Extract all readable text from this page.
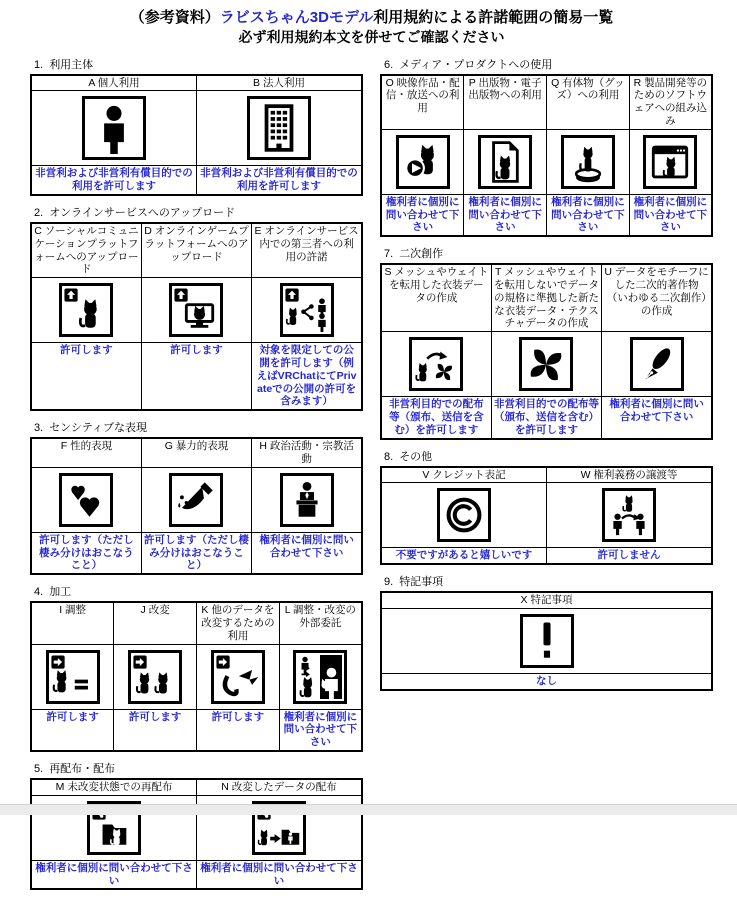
（参考資料）ラビスちゃん3Dモデル利用規約による許諾範囲の簡易一覧
必ず利用規約本文を併せてご確認ください
1. 利用主体
A 個人利用	B 法人利用

非営利および非営利有償目的での利用を許可します	非営利および非営利有償目的での利用を許可します
2. オンラインサービスへのアップロード
C ソーシャルコミュニケーションプラットフォームへのアップロード	D オンラインゲームプラットフォームへのアップロード	E オンラインサービス内での第三者への利用の許諾

許可します	許可します	対象を限定しての公開を許可します（例えばVRChatにてPrivateでの公開の許可を含みます）
3. センシティブな表現
F 性的表現	G 暴力的表現	H 政治活動・宗教活動

許可します（ただし棲み分けはおこなうこと）	許可します（ただし棲み分けはおこなうこと）	権利者に個別に問い合わせて下さい
4. 加工
I 調整	J 改変	K 他のデータを改変するための利用	L 調整・改変の外部委託

許可します	許可します	許可します	権利者に個別に問い合わせて下さい
5. 再配布・配布
M 未改変状態での再配布	N 改変したデータの配布

権利者に個別に問い合わせて下さい	権利者に個別に問い合わせて下さい
6. メディア・プロダクトへの使用
O 映像作品・配信・放送への利用	P 出版物・電子出版物への利用	Q 有体物（グッズ）への利用	R 製品開発等のためのソフトウェアへの組み込み

権利者に個別に問い合わせて下さい	権利者に個別に問い合わせて下さい	権利者に個別に問い合わせて下さい	権利者に個別に問い合わせて下さい
7. 二次創作
S メッシュやウェイトを転用した衣装データの作成	T メッシュやウェイトを転用しないでデータの規格に準拠した新たな衣装データ・テクスチャデータの作成	U データをモチーフにした二次的著作物（いわゆる二次創作）の作成

非営利目的での配布等（頒布、送信を含む）を許可します	非営利目的での配布等（頒布、送信を含む）を許可します	権利者に個別に問い合わせて下さい
8. その他
V クレジット表記	W 権利義務の譲渡等

不要ですがあると嬉しいです	許可しません
9. 特記事項
X 特記事項

なし
